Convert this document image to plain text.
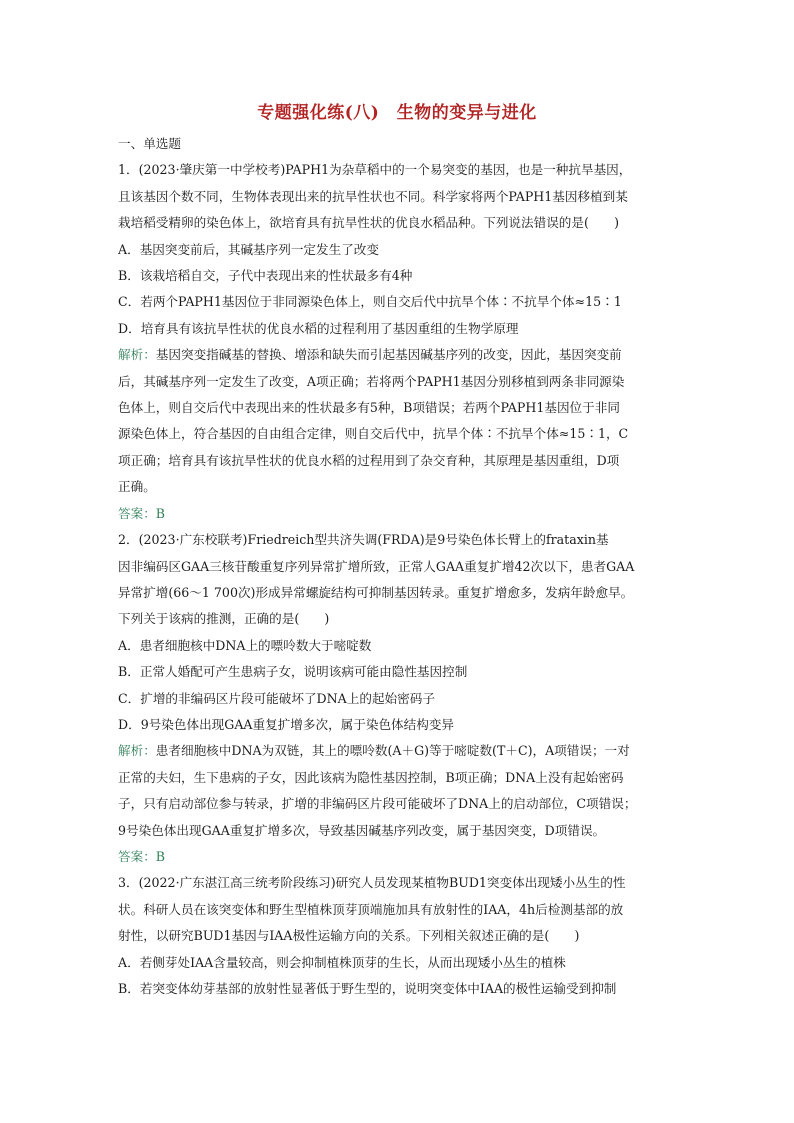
专题强化练(八)　生物的变异与进化
一、单选题
1．(2023·肇庆第一中学校考)PAPH1为杂草稻中的一个易突变的基因，也是一种抗旱基因，
且该基因个数不同，生物体表现出来的抗旱性状也不同。科学家将两个PAPH1基因移植到某
栽培稻受精卵的染色体上，欲培育具有抗旱性状的优良水稻品种。下列说法错误的是(　　)
A．基因突变前后，其碱基序列一定发生了改变
B．该栽培稻自交，子代中表现出来的性状最多有4种
C．若两个PAPH1基因位于非同源染色体上，则自交后代中抗旱个体∶不抗旱个体≈15∶1
D．培育具有该抗旱性状的优良水稻的过程利用了基因重组的生物学原理
解析：基因突变指碱基的替换、增添和缺失而引起基因碱基序列的改变，因此，基因突变前
后，其碱基序列一定发生了改变，A项正确；若将两个PAPH1基因分别移植到两条非同源染
色体上，则自交后代中表现出来的性状最多有5种，B项错误；若两个PAPH1基因位于非同
源染色体上，符合基因的自由组合定律，则自交后代中，抗旱个体∶不抗旱个体≈15∶1，C
项正确；培育具有该抗旱性状的优良水稻的过程用到了杂交育种，其原理是基因重组，D项
正确。
答案：B
2．(2023·广东校联考)Friedreich型共济失调(FRDA)是9号染色体长臂上的frataxin基
因非编码区GAA三核苷酸重复序列异常扩增所致，正常人GAA重复扩增42次以下，患者GAA
异常扩增(66～1 700次)形成异常螺旋结构可抑制基因转录。重复扩增愈多，发病年龄愈早。
下列关于该病的推测，正确的是(　　)
A．患者细胞核中DNA上的嘌呤数大于嘧啶数
B．正常人婚配可产生患病子女，说明该病可能由隐性基因控制
C．扩增的非编码区片段可能破坏了DNA上的起始密码子
D．9号染色体出现GAA重复扩增多次，属于染色体结构变异
解析：患者细胞核中DNA为双链，其上的嘌呤数(A＋G)等于嘧啶数(T＋C)，A项错误；一对
正常的夫妇，生下患病的子女，因此该病为隐性基因控制，B项正确；DNA上没有起始密码
子，只有启动部位参与转录，扩增的非编码区片段可能破坏了DNA上的启动部位，C项错误；
9号染色体出现GAA重复扩增多次，导致基因碱基序列改变，属于基因突变，D项错误。
答案：B
3．(2022·广东湛江高三统考阶段练习)研究人员发现某植物BUD1突变体出现矮小丛生的性
状。科研人员在该突变体和野生型植株顶芽顶端施加具有放射性的IAA，4h后检测基部的放
射性，以研究BUD1基因与IAA极性运输方向的关系。下列相关叙述正确的是(　　)
A．若侧芽处IAA含量较高，则会抑制植株顶芽的生长，从而出现矮小丛生的植株
B．若突变体幼芽基部的放射性显著低于野生型的，说明突变体中IAA的极性运输受到抑制
